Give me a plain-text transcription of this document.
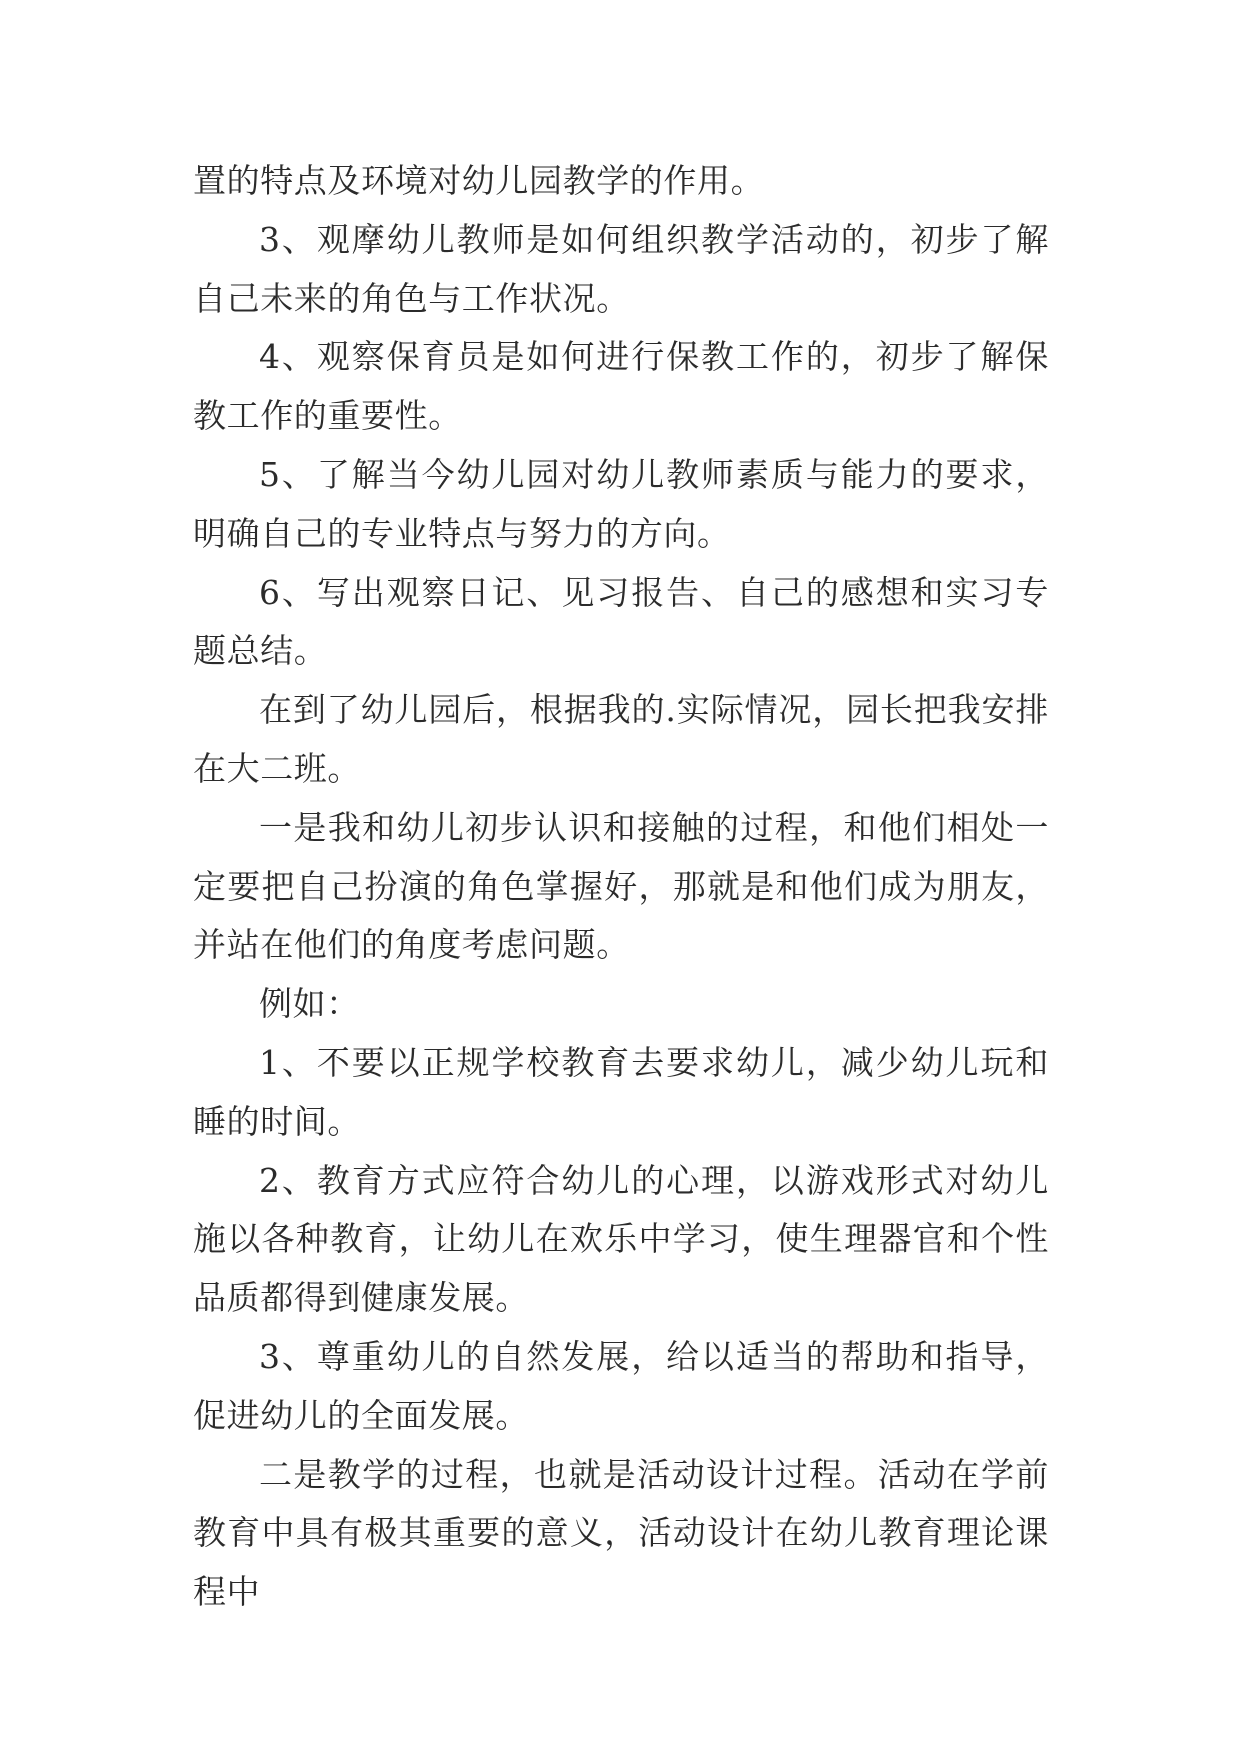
置的特点及环境对幼儿园教学的作用。

3、观摩幼儿教师是如何组织教学活动的，初步了解自己未来的角色与工作状况。

4、观察保育员是如何进行保教工作的，初步了解保教工作的重要性。

5、了解当今幼儿园对幼儿教师素质与能力的要求，明确自己的专业特点与努力的方向。

6、写出观察日记、见习报告、自己的感想和实习专题总结。

在到了幼儿园后，根据我的.实际情况，园长把我安排在大二班。

一是我和幼儿初步认识和接触的过程，和他们相处一定要把自己扮演的角色掌握好，那就是和他们成为朋友，并站在他们的角度考虑问题。

例如：

1、不要以正规学校教育去要求幼儿，减少幼儿玩和睡的时间。

2、教育方式应符合幼儿的心理，以游戏形式对幼儿施以各种教育，让幼儿在欢乐中学习，使生理器官和个性品质都得到健康发展。

3、尊重幼儿的自然发展，给以适当的帮助和指导，促进幼儿的全面发展。

二是教学的过程，也就是活动设计过程。活动在学前教育中具有极其重要的意义，活动设计在幼儿教育理论课程中
